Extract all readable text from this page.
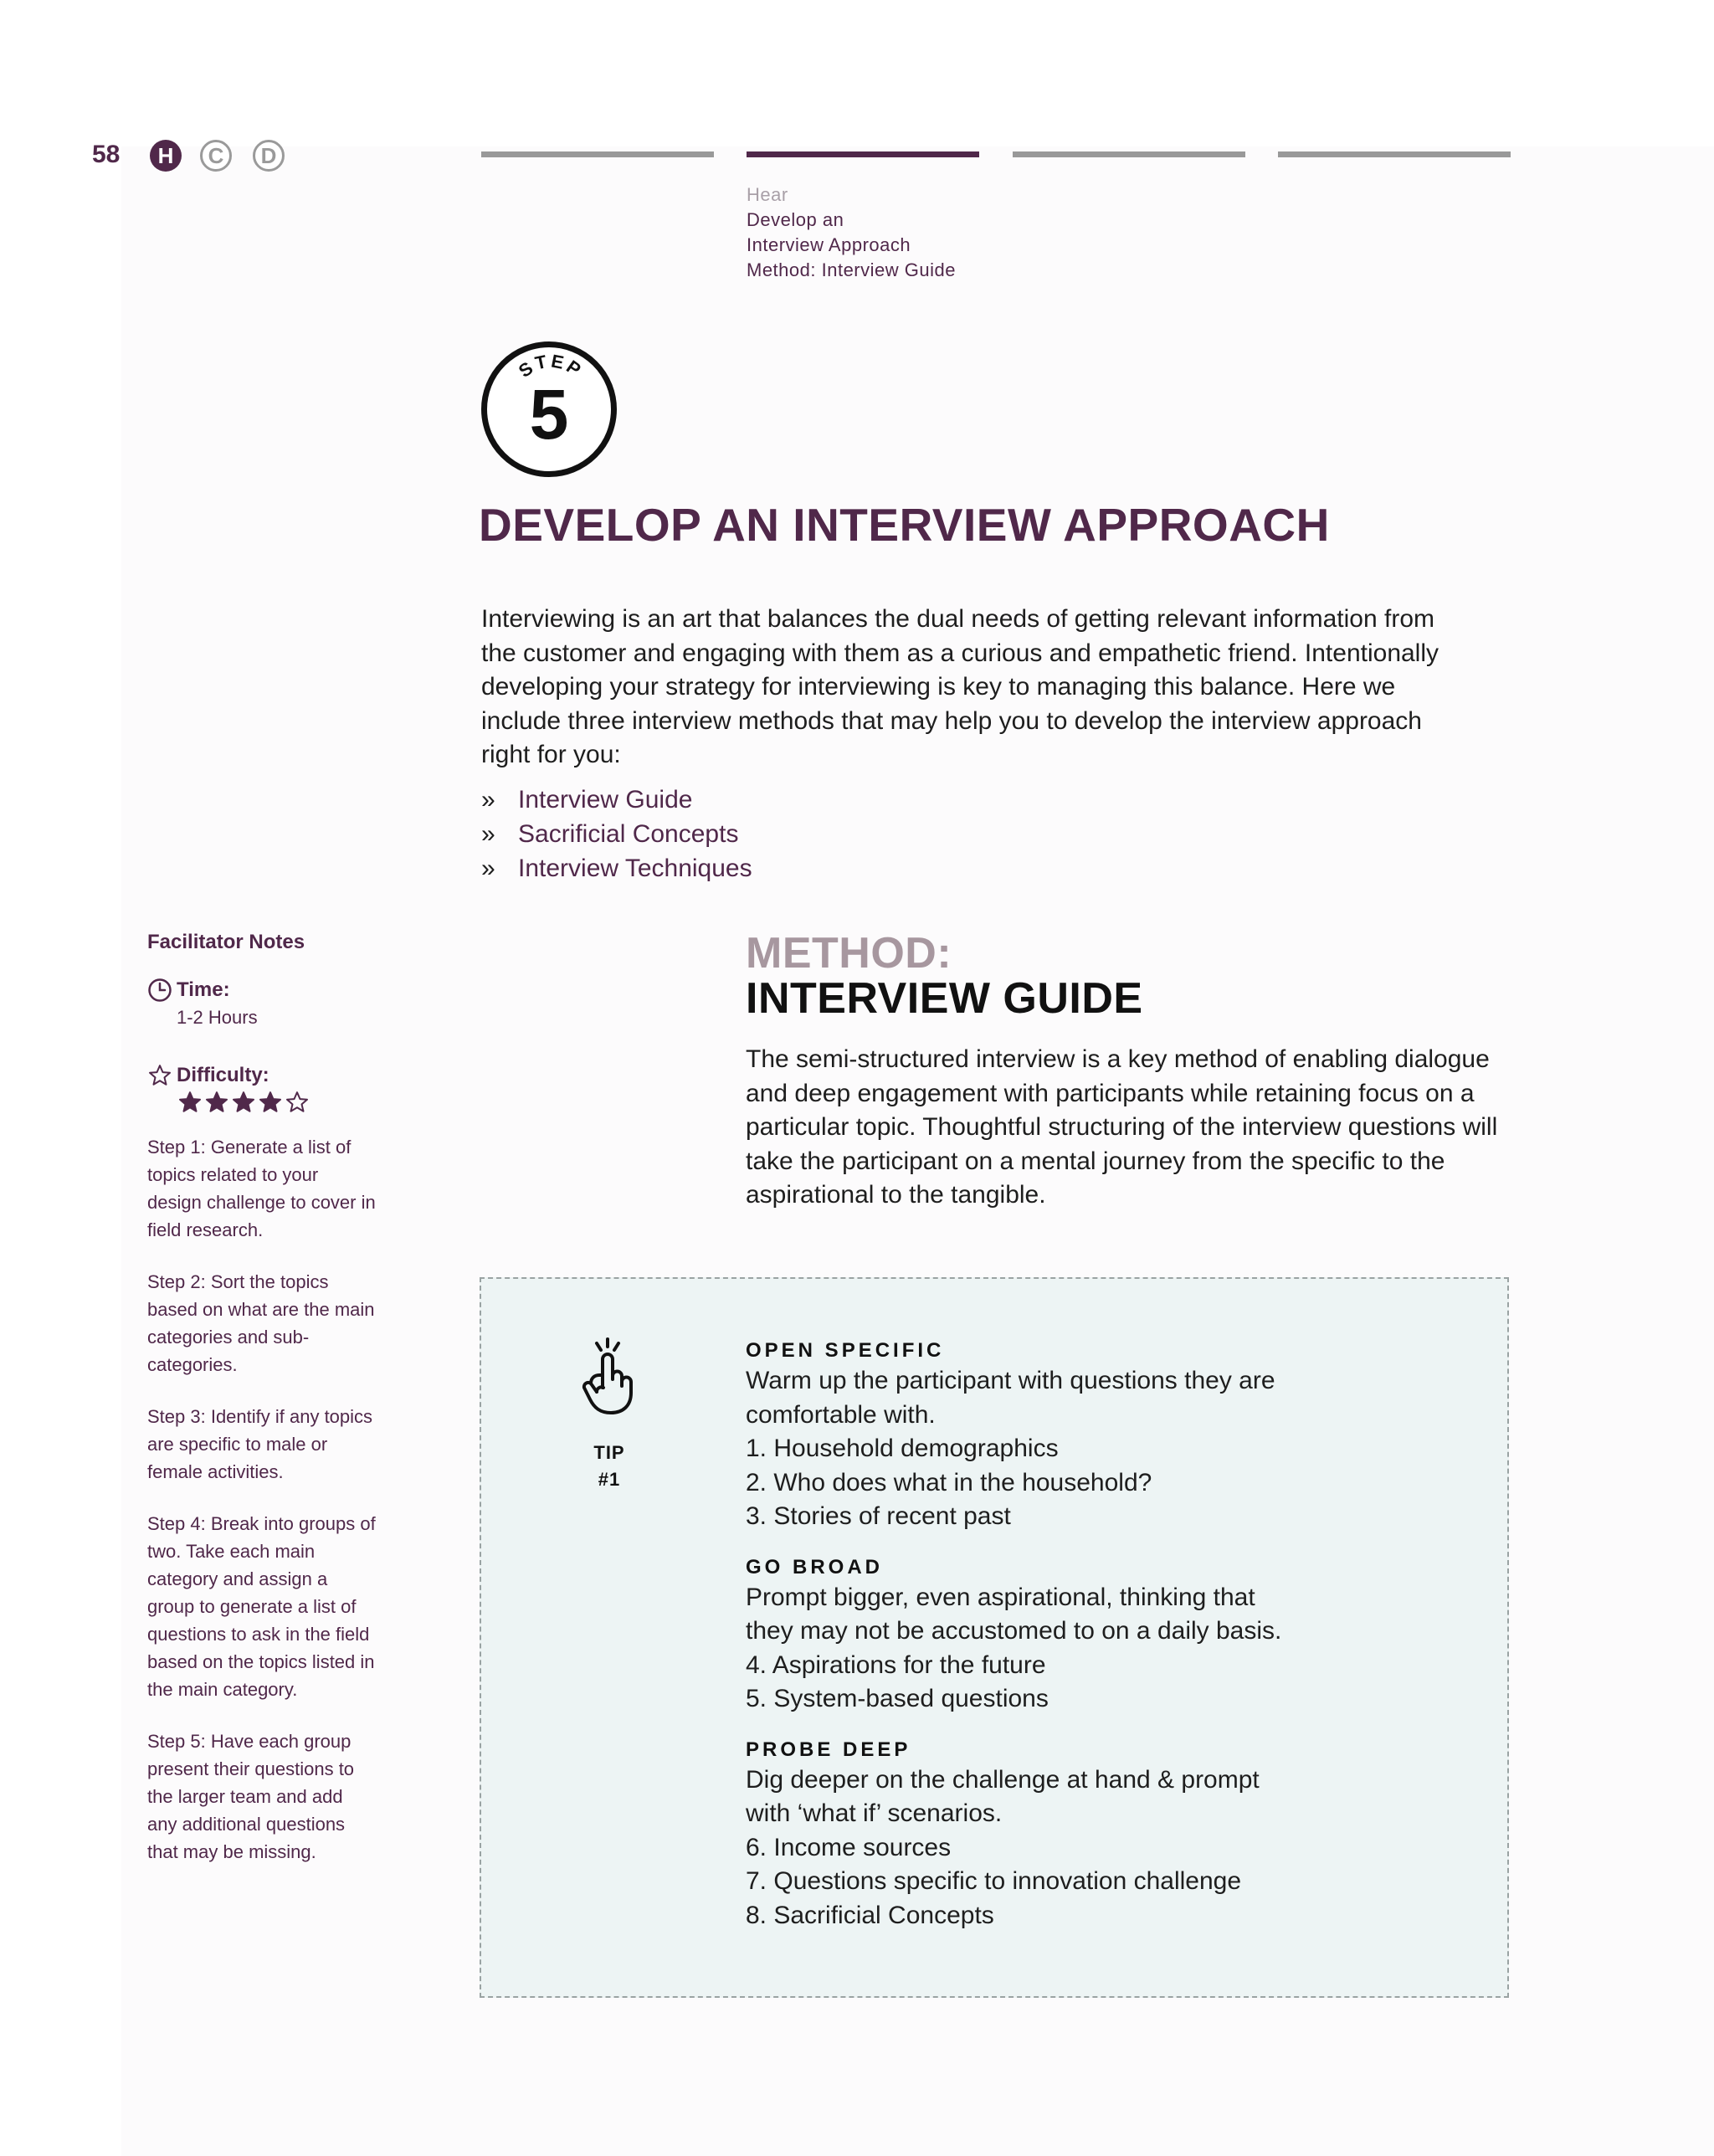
58	H	C	D
Hear
Develop an
Interview Approach
Method: Interview Guide
STEP
5
DEVELOP AN INTERVIEW APPROACH
Interviewing is an art that balances the dual needs of getting relevant information from the customer and engaging with them as a curious and empathetic friend. Intentionally developing your strategy for interviewing is key to managing this balance. Here we include three interview methods that may help you to develop the interview approach right for you:
» Interview Guide
» Sacrificial Concepts
» Interview Techniques
Facilitator Notes
Time:
1-2 Hours
Difficulty:

Step 1: Generate a list of topics related to your design challenge to cover in field research.

Step 2: Sort the topics based on what are the main categories and sub-categories.

Step 3: Identify if any topics are specific to male or female activities.

Step 4: Break into groups of two. Take each main category and assign a group to generate a list of questions to ask in the field based on the topics listed in the main category.

Step 5: Have each group present their questions to the larger team and add any additional questions that may be missing.

METHOD:
INTERVIEW GUIDE
The semi-structured interview is a key method of enabling dialogue and deep engagement with participants while retaining focus on a particular topic. Thoughtful structuring of the interview questions will take the participant on a mental journey from the specific to the aspirational to the tangible.
TIP
#1
OPEN SPECIFIC
Warm up the participant with questions they are
comfortable with.
1. Household demographics
2. Who does what in the household?
3. Stories of recent past
GO BROAD
Prompt bigger, even aspirational, thinking that
they may not be accustomed to on a daily basis.
4. Aspirations for the future
5. System-based questions
PROBE DEEP
Dig deeper on the challenge at hand & prompt
with ‘what if’ scenarios.
6. Income sources
7. Questions specific to innovation challenge
8. Sacrificial Concepts
